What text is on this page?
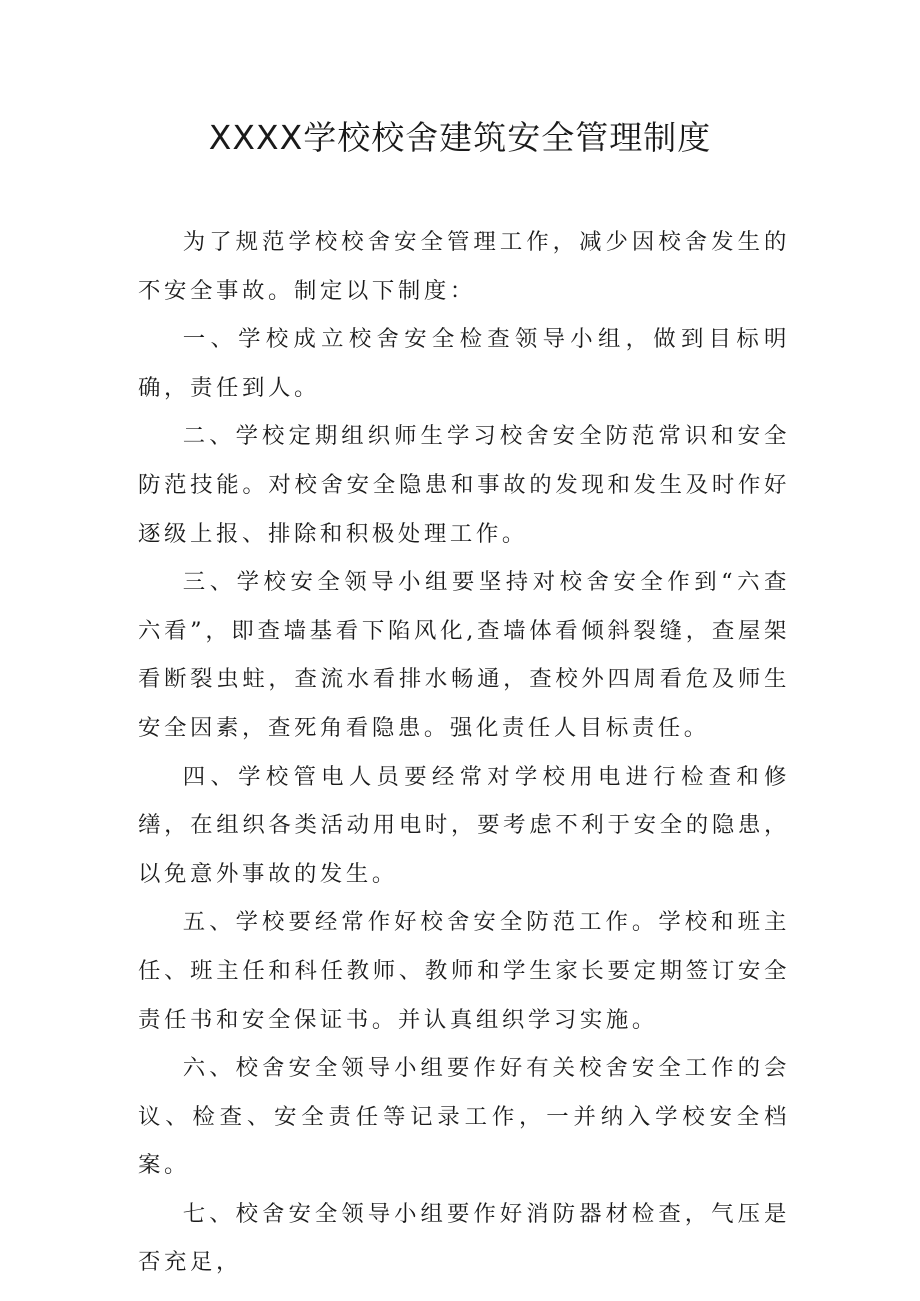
XXXX学校校舍建筑安全管理制度

为了规范学校校舍安全管理工作，减少因校舍发生的不安全事故。制定以下制度：

一、学校成立校舍安全检查领导小组，做到目标明确，责任到人。

二、学校定期组织师生学习校舍安全防范常识和安全防范技能。对校舍安全隐患和事故的发现和发生及时作好逐级上报、排除和积极处理工作。

三、学校安全领导小组要坚持对校舍安全作到“六查六看”，即查墙基看下陷风化,查墙体看倾斜裂缝，查屋架看断裂虫蛀，查流水看排水畅通，查校外四周看危及师生安全因素，查死角看隐患。强化责任人目标责任。

四、学校管电人员要经常对学校用电进行检查和修缮，在组织各类活动用电时，要考虑不利于安全的隐患，以免意外事故的发生。

五、学校要经常作好校舍安全防范工作。学校和班主任、班主任和科任教师、教师和学生家长要定期签订安全责任书和安全保证书。并认真组织学习实施。

六、校舍安全领导小组要作好有关校舍安全工作的会议、检查、安全责任等记录工作，一并纳入学校安全档案。

七、校舍安全领导小组要作好消防器材检查，气压是否充足，
